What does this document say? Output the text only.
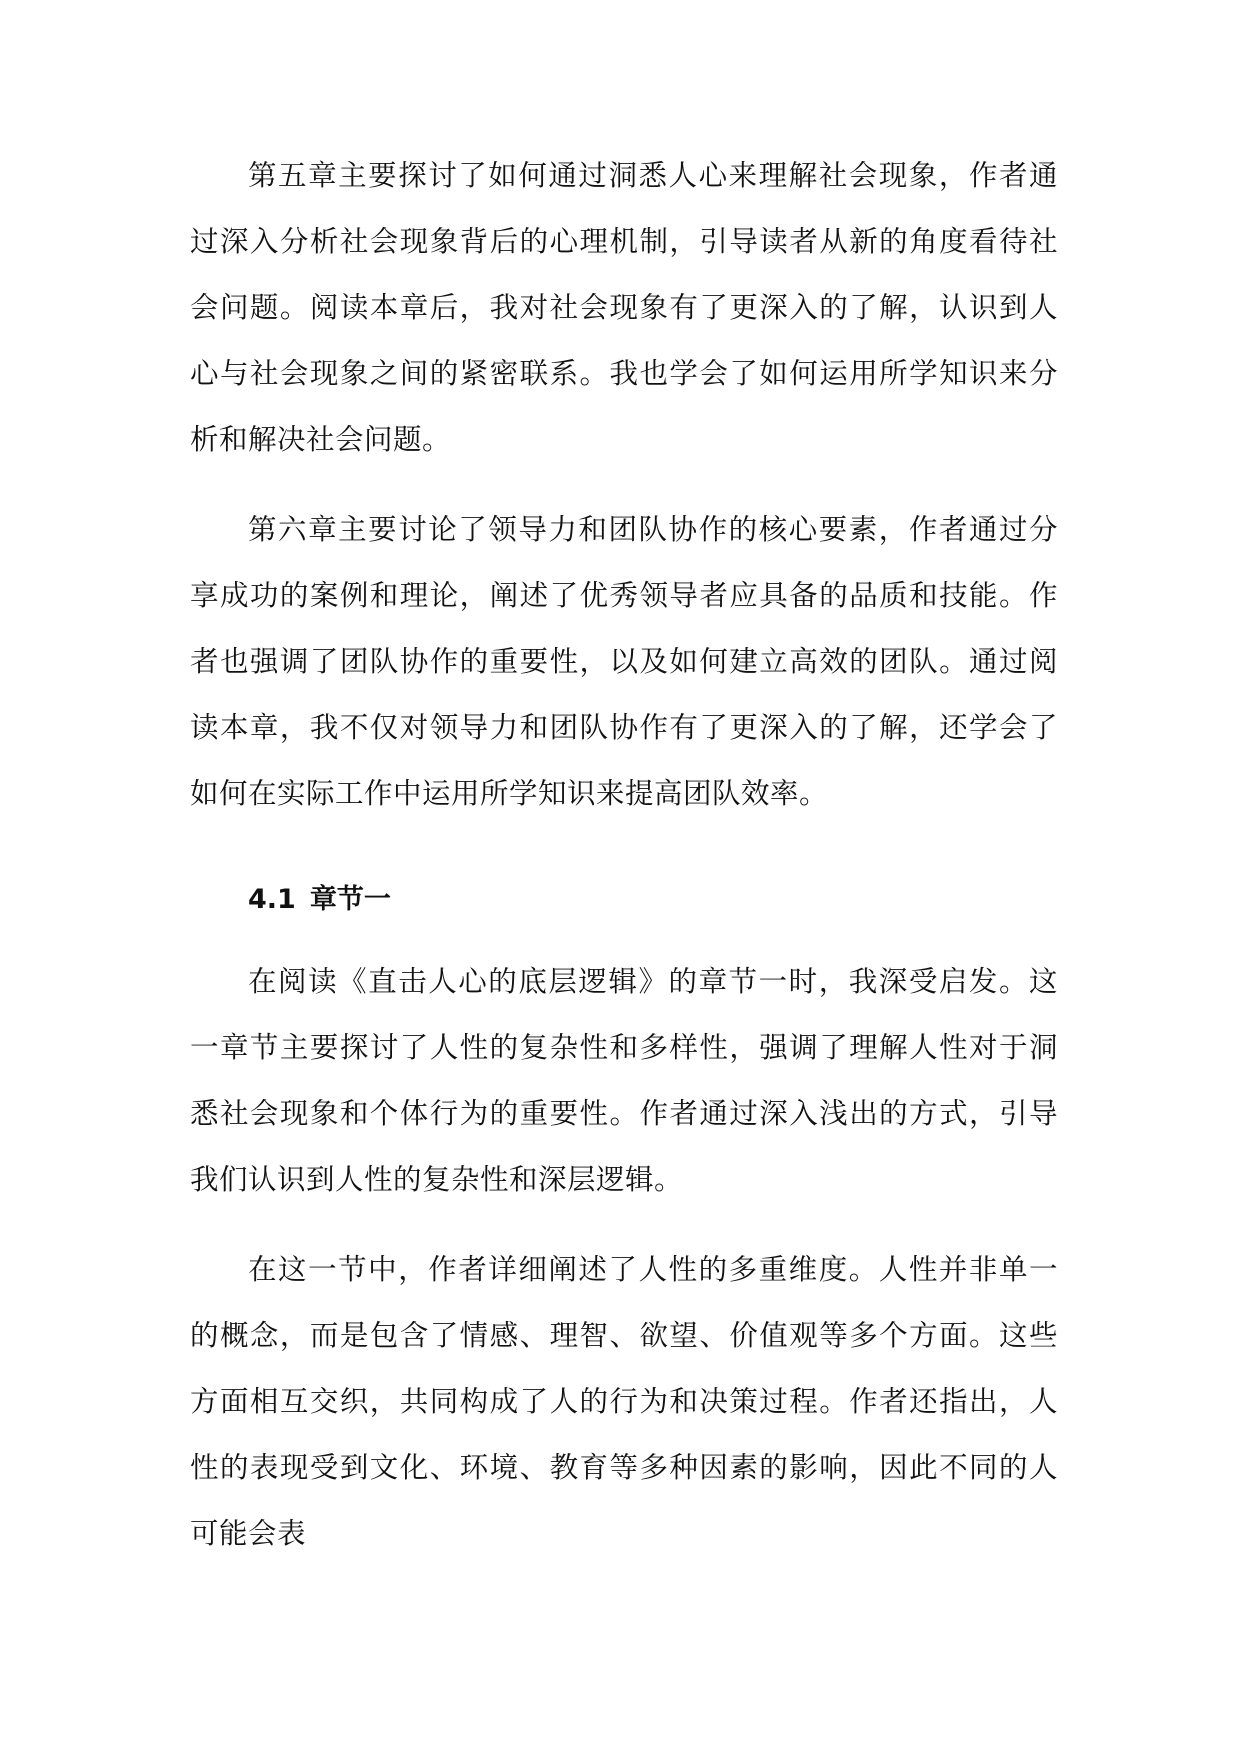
第五章主要探讨了如何通过洞悉人心来理解社会现象，作者通过深入分析社会现象背后的心理机制，引导读者从新的角度看待社会问题。阅读本章后，我对社会现象有了更深入的了解，认识到人心与社会现象之间的紧密联系。我也学会了如何运用所学知识来分析和解决社会问题。

第六章主要讨论了领导力和团队协作的核心要素，作者通过分享成功的案例和理论，阐述了优秀领导者应具备的品质和技能。作者也强调了团队协作的重要性，以及如何建立高效的团队。通过阅读本章，我不仅对领导力和团队协作有了更深入的了解，还学会了如何在实际工作中运用所学知识来提高团队效率。

4.1 章节一

在阅读《直击人心的底层逻辑》的章节一时，我深受启发。这一章节主要探讨了人性的复杂性和多样性，强调了理解人性对于洞悉社会现象和个体行为的重要性。作者通过深入浅出的方式，引导我们认识到人性的复杂性和深层逻辑。

在这一节中，作者详细阐述了人性的多重维度。人性并非单一的概念，而是包含了情感、理智、欲望、价值观等多个方面。这些方面相互交织，共同构成了人的行为和决策过程。作者还指出，人性的表现受到文化、环境、教育等多种因素的影响，因此不同的人可能会表
